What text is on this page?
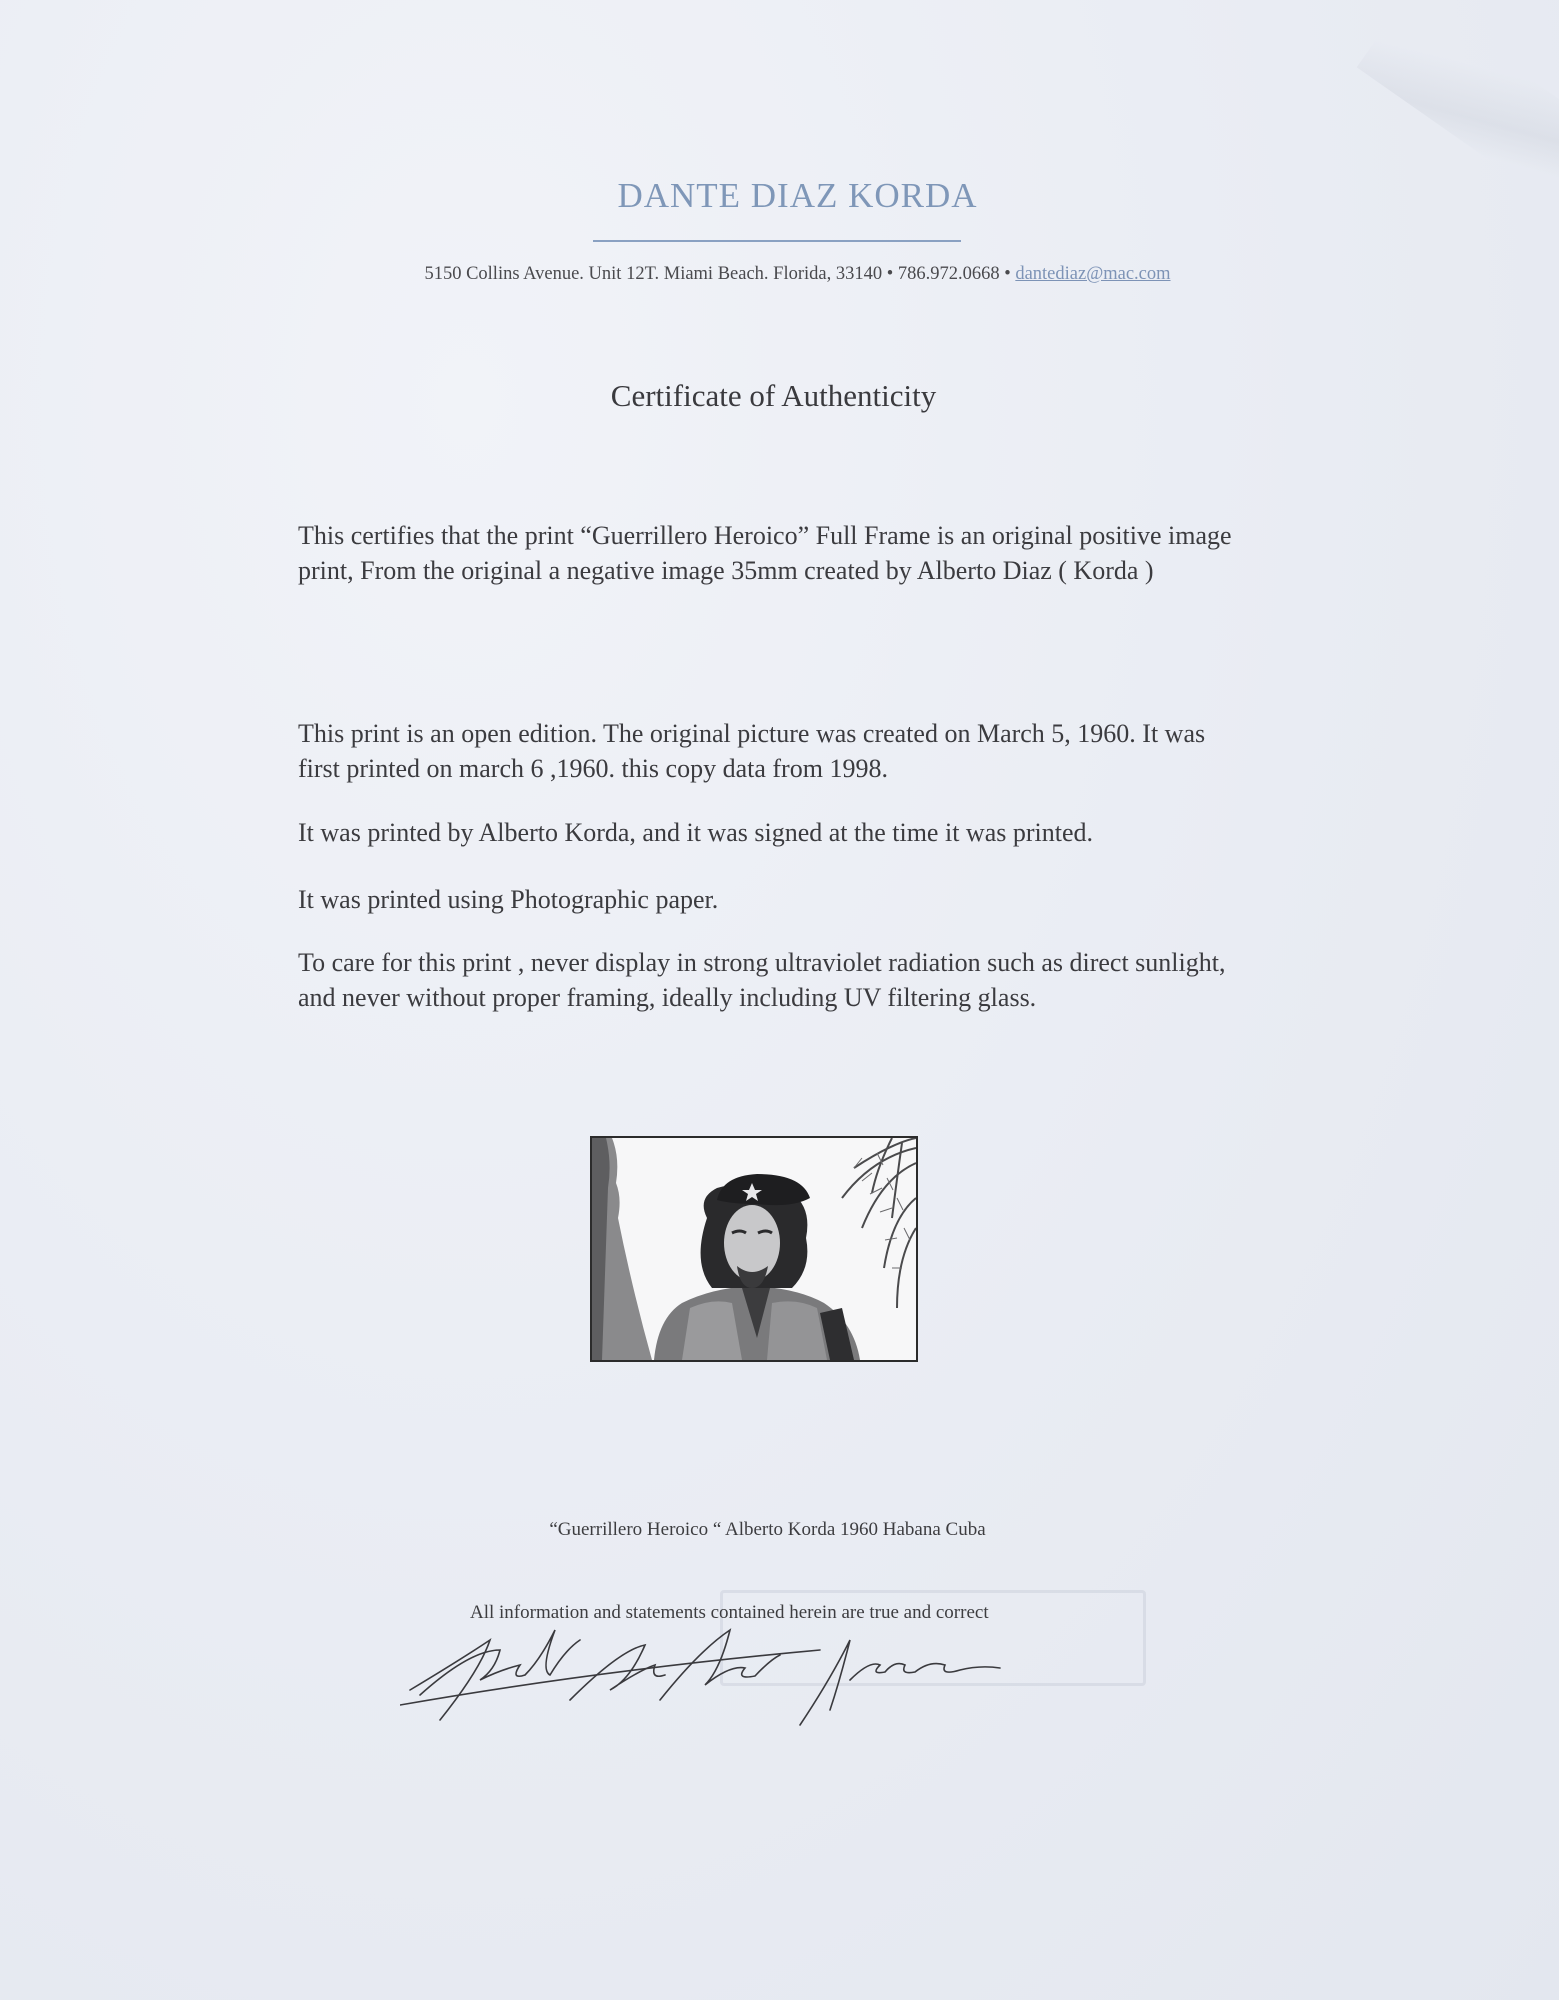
DANTE DIAZ KORDA
5150 Collins Avenue. Unit 12T. Miami Beach. Florida, 33140 • 786.972.0668 • dantediaz@mac.com
Certificate of Authenticity
This certifies that the print “Guerrillero Heroico” Full Frame is an original positive image print, From the original a negative image 35mm created by Alberto Diaz ( Korda )
This print is an open edition. The original picture was created on March 5, 1960. It was first printed on march 6 ,1960. this copy data from 1998.
It was printed by Alberto Korda, and it was signed at the time it was printed.
It was printed using Photographic paper.
To care for this print , never display in strong ultraviolet radiation such as direct sunlight, and never without proper framing, ideally including UV filtering glass.
“Guerrillero Heroico “ Alberto Korda 1960 Habana Cuba
All information and statements contained herein are true and correct
